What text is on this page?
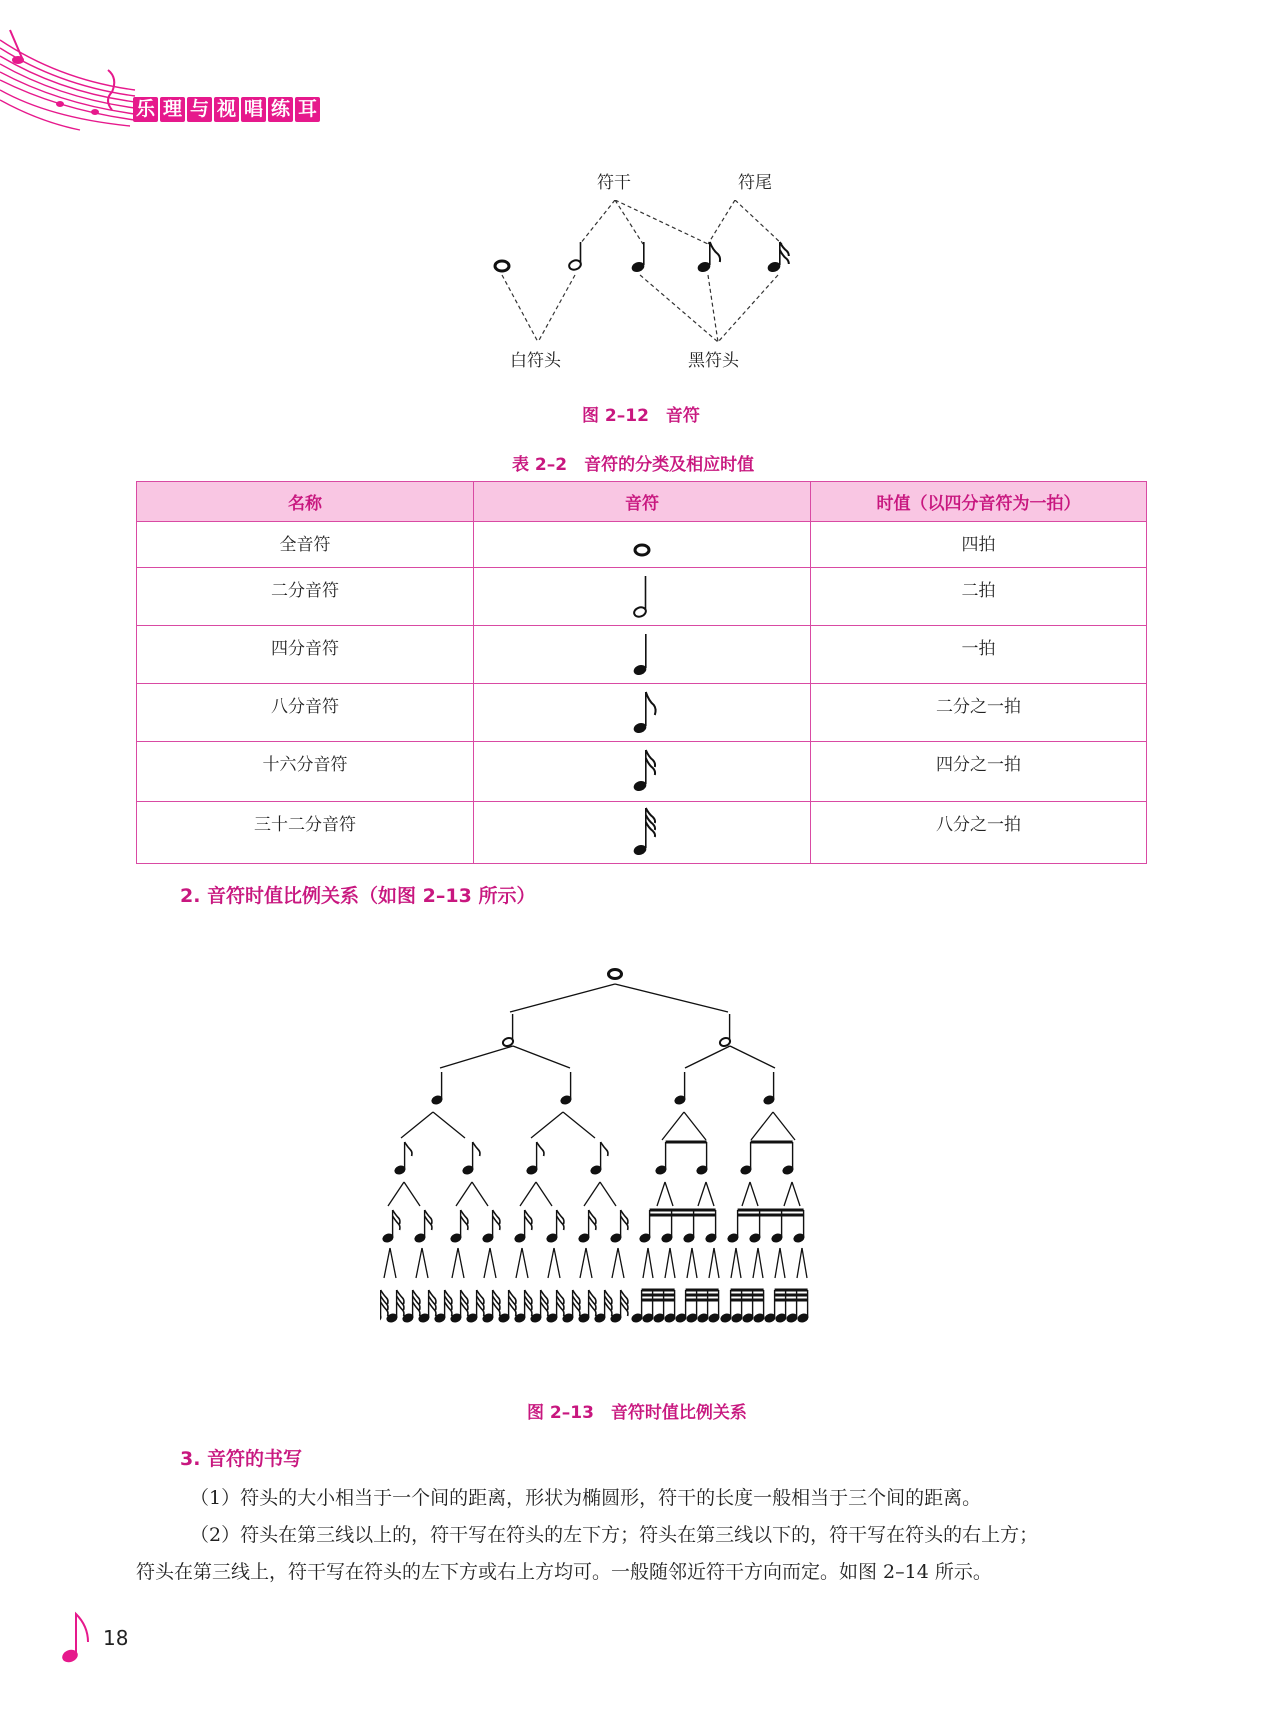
乐 理 与 视 唱 练 耳
符干	符尾
白符头	黑符头
图 2–12　音符
表 2–2　音符的分类及相应时值
名称	音符	时值（以四分音符为一拍）
全音符		四拍
二分音符		二拍
四分音符		一拍
八分音符		二分之一拍
十六分音符		四分之一拍
三十二分音符		八分之一拍
2. 音符时值比例关系（如图 2–13 所示）
图 2–13　音符时值比例关系
3. 音符的书写

（1）符头的大小相当于一个间的距离，形状为椭圆形，符干的长度一般相当于三个间的距离。

（2）符头在第三线以上的，符干写在符头的左下方；符头在第三线以下的，符干写在符头的右上方；

符头在第三线上，符干写在符头的左下方或右上方均可。一般随邻近符干方向而定。如图 2–14 所示。

18
